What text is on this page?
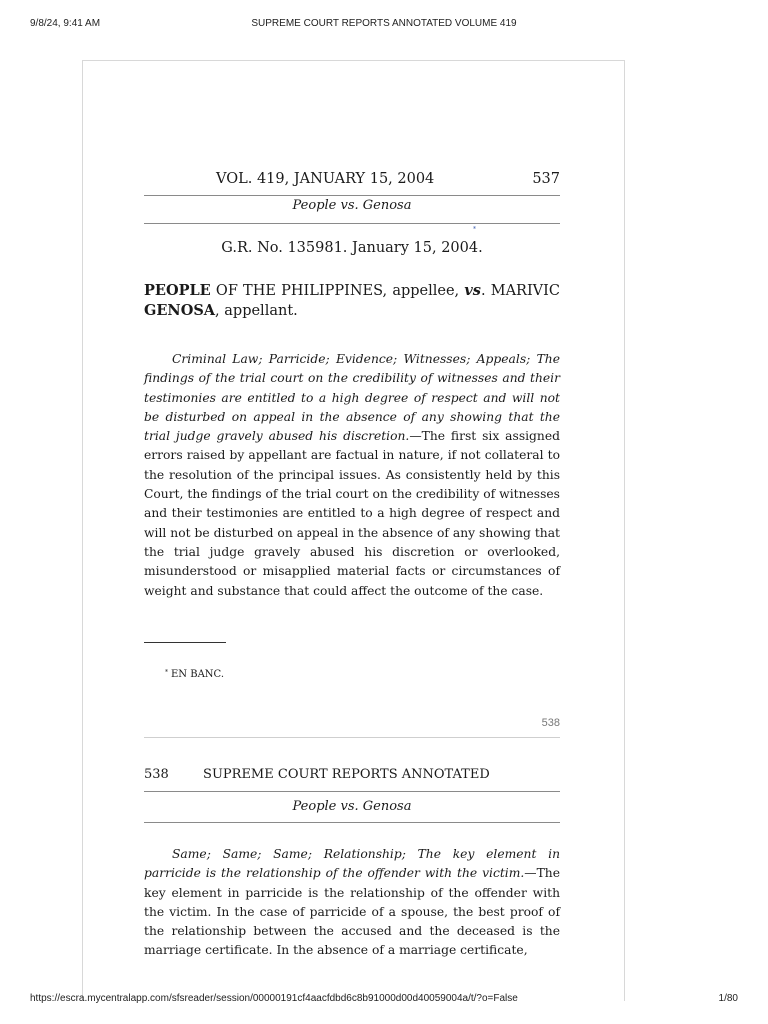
9/8/24, 9:41 AM	SUPREME COURT REPORTS ANNOTATED VOLUME 419
VOL. 419, JANUARY 15, 2004	537
People vs. Genosa
*
G.R. No. 135981. January 15, 2004.
PEOPLE OF THE PHILIPPINES, appellee, vs. MARIVIC GENOSA, appellant.

Criminal Law; Parricide; Evidence; Witnesses; Appeals; The findings of the trial court on the credibility of witnesses and their testimonies are entitled to a high degree of respect and will not be disturbed on appeal in the absence of any showing that the trial judge gravely abused his discretion.—The first six assigned errors raised by appellant are factual in nature, if not collateral to the resolution of the principal issues. As consistently held by this Court, the findings of the trial court on the credibility of witnesses and their testimonies are entitled to a high degree of respect and will not be disturbed on appeal in the absence of any showing that the trial judge gravely abused his discretion or overlooked, misunderstood or misapplied material facts or circumstances of weight and substance that could affect the outcome of the case.

* EN BANC.
538
538	SUPREME COURT REPORTS ANNOTATED
People vs. Genosa

Same; Same; Same; Relationship; The key element in parricide is the relationship of the offender with the victim.—The key element in parricide is the relationship of the offender with the victim. In the case of parricide of a spouse, the best proof of the relationship between the accused and the deceased is the marriage certificate. In the absence of a marriage certificate,

https://escra.mycentralapp.com/sfsreader/session/00000191cf4aacfdbd6c8b91000d00d40059004a/t/?o=False	1/80
